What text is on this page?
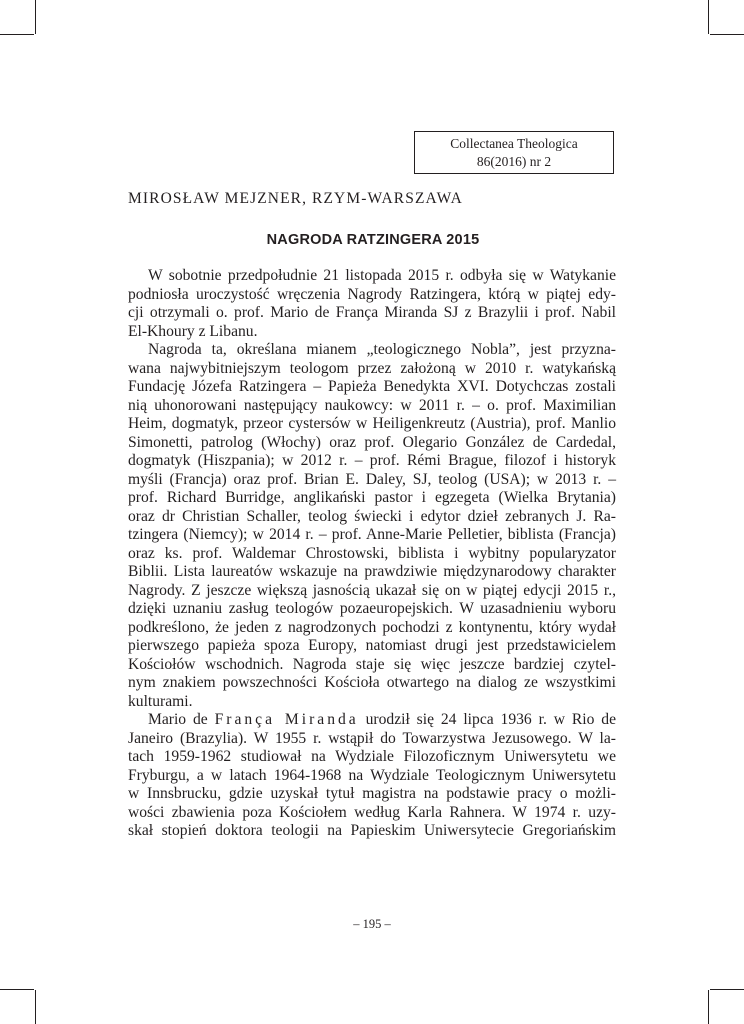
Collectanea Theologica
86(2016) nr 2
MIROSŁAW MEJZNER, RZYM-WARSZAWA
NAGRODA RATZINGERA 2015
W sobotnie przedpołudnie 21 listopada 2015 r. odbyła się w Watykanie
podniosła uroczystość wręczenia Nagrody Ratzingera, którą w piątej edy-
cji otrzymali o. prof. Mario de França Miranda SJ z Brazylii i prof. Nabil
El-Khoury z Libanu.
Nagroda ta, określana mianem „teologicznego Nobla”, jest przyzna-
wana najwybitniejszym teologom przez założoną w 2010 r. watykańską
Fundację Józefa Ratzingera – Papieża Benedykta XVI. Dotychczas zostali
nią uhonorowani następujący naukowcy: w 2011 r. – o. prof. Maximilian
Heim, dogmatyk, przeor cystersów w Heiligenkreutz (Austria), prof. Manlio
Simonetti, patrolog (Włochy) oraz prof. Olegario González de Cardedal,
dogmatyk (Hiszpania); w 2012 r. – prof. Rémi Brague, filozof i historyk
myśli (Francja) oraz prof. Brian E. Daley, SJ, teolog (USA); w 2013 r. –
prof. Richard Burridge, anglikański pastor i egzegeta (Wielka Brytania)
oraz dr Christian Schaller, teolog świecki i edytor dzieł zebranych J. Ra-
tzingera (Niemcy); w 2014 r. – prof. Anne-Marie Pelletier, biblista (Francja)
oraz ks. prof. Waldemar Chrostowski, biblista i wybitny popularyzator
Biblii. Lista laureatów wskazuje na prawdziwie międzynarodowy charakter
Nagrody. Z jeszcze większą jasnością ukazał się on w piątej edycji 2015 r.,
dzięki uznaniu zasług teologów pozaeuropejskich. W uzasadnieniu wyboru
podkreślono, że jeden z nagrodzonych pochodzi z kontynentu, który wydał
pierwszego papieża spoza Europy, natomiast drugi jest przedstawicielem
Kościołów wschodnich. Nagroda staje się więc jeszcze bardziej czytel-
nym znakiem powszechności Kościoła otwartego na dialog ze wszystkimi
kulturami.
Mario de França Miranda urodził się 24 lipca 1936 r. w Rio de
Janeiro (Brazylia). W 1955 r. wstąpił do Towarzystwa Jezusowego. W la-
tach 1959-1962 studiował na Wydziale Filozoficznym Uniwersytetu we
Fryburgu, a w latach 1964-1968 na Wydziale Teologicznym Uniwersytetu
w Innsbrucku, gdzie uzyskał tytuł magistra na podstawie pracy o możli-
wości zbawienia poza Kościołem według Karla Rahnera. W 1974 r. uzy-
skał stopień doktora teologii na Papieskim Uniwersytecie Gregoriańskim
– 195 –
